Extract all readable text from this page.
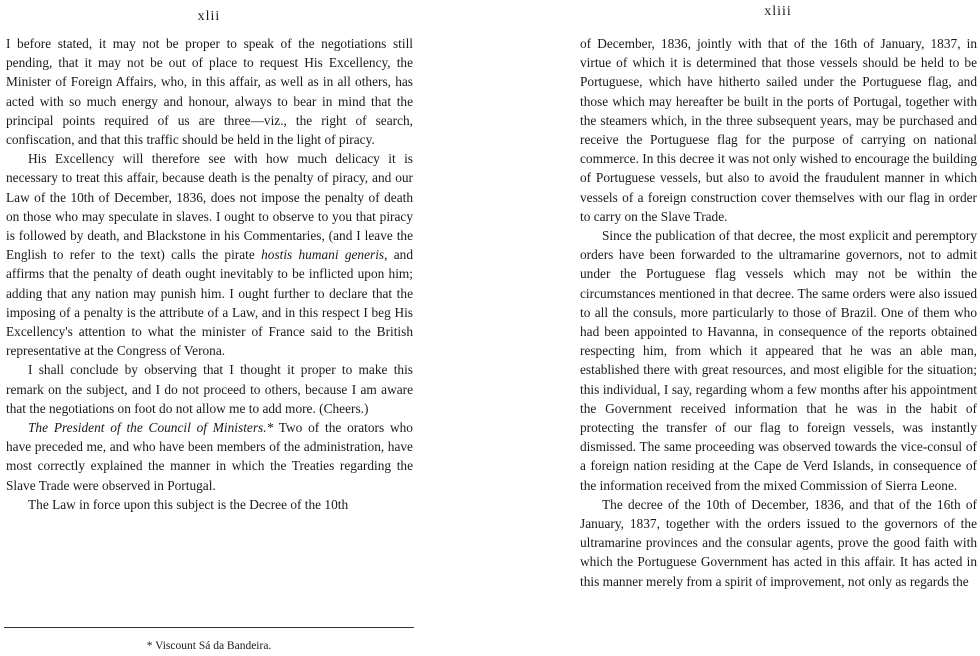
xlii

I before stated, it may not be proper to speak of the negotiations still pending, that it may not be out of place to request His Excellency, the Minister of Foreign Affairs, who, in this affair, as well as in all others, has acted with so much energy and honour, always to bear in mind that the principal points required of us are three—viz., the right of search, confiscation, and that this traffic should be held in the light of piracy.

His Excellency will therefore see with how much delicacy it is necessary to treat this affair, because death is the penalty of piracy, and our Law of the 10th of December, 1836, does not impose the penalty of death on those who may speculate in slaves. I ought to observe to you that piracy is followed by death, and Blackstone in his Commentaries, (and I leave the English to refer to the text) calls the pirate hostis humani generis, and affirms that the penalty of death ought inevitably to be inflicted upon him; adding that any nation may punish him. I ought further to declare that the imposing of a penalty is the attribute of a Law, and in this respect I beg His Excellency's attention to what the minister of France said to the British representative at the Congress of Verona.

I shall conclude by observing that I thought it proper to make this remark on the subject, and I do not proceed to others, because I am aware that the negotiations on foot do not allow me to add more. (Cheers.)

The President of the Council of Ministers.* Two of the orators who have preceded me, and who have been members of the administration, have most correctly explained the manner in which the Treaties regarding the Slave Trade were observed in Portugal.

The Law in force upon this subject is the Decree of the 10th

* Viscount Sá da Bandeira.
xliii

of December, 1836, jointly with that of the 16th of January, 1837, in virtue of which it is determined that those vessels should be held to be Portuguese, which have hitherto sailed under the Portuguese flag, and those which may hereafter be built in the ports of Portugal, together with the steamers which, in the three subsequent years, may be purchased and receive the Portuguese flag for the purpose of carrying on national commerce. In this decree it was not only wished to encourage the building of Portuguese vessels, but also to avoid the fraudulent manner in which vessels of a foreign construction cover themselves with our flag in order to carry on the Slave Trade.

Since the publication of that decree, the most explicit and peremptory orders have been forwarded to the ultramarine governors, not to admit under the Portuguese flag vessels which may not be within the circumstances mentioned in that decree. The same orders were also issued to all the consuls, more particularly to those of Brazil. One of them who had been appointed to Havanna, in consequence of the reports obtained respecting him, from which it appeared that he was an able man, established there with great resources, and most eligible for the situation; this individual, I say, regarding whom a few months after his appointment the Government received information that he was in the habit of protecting the transfer of our flag to foreign vessels, was instantly dismissed. The same proceeding was observed towards the vice-consul of a foreign nation residing at the Cape de Verd Islands, in consequence of the information received from the mixed Commission of Sierra Leone.

The decree of the 10th of December, 1836, and that of the 16th of January, 1837, together with the orders issued to the governors of the ultramarine provinces and the consular agents, prove the good faith with which the Portuguese Government has acted in this affair. It has acted in this manner merely from a spirit of improvement, not only as regards the
